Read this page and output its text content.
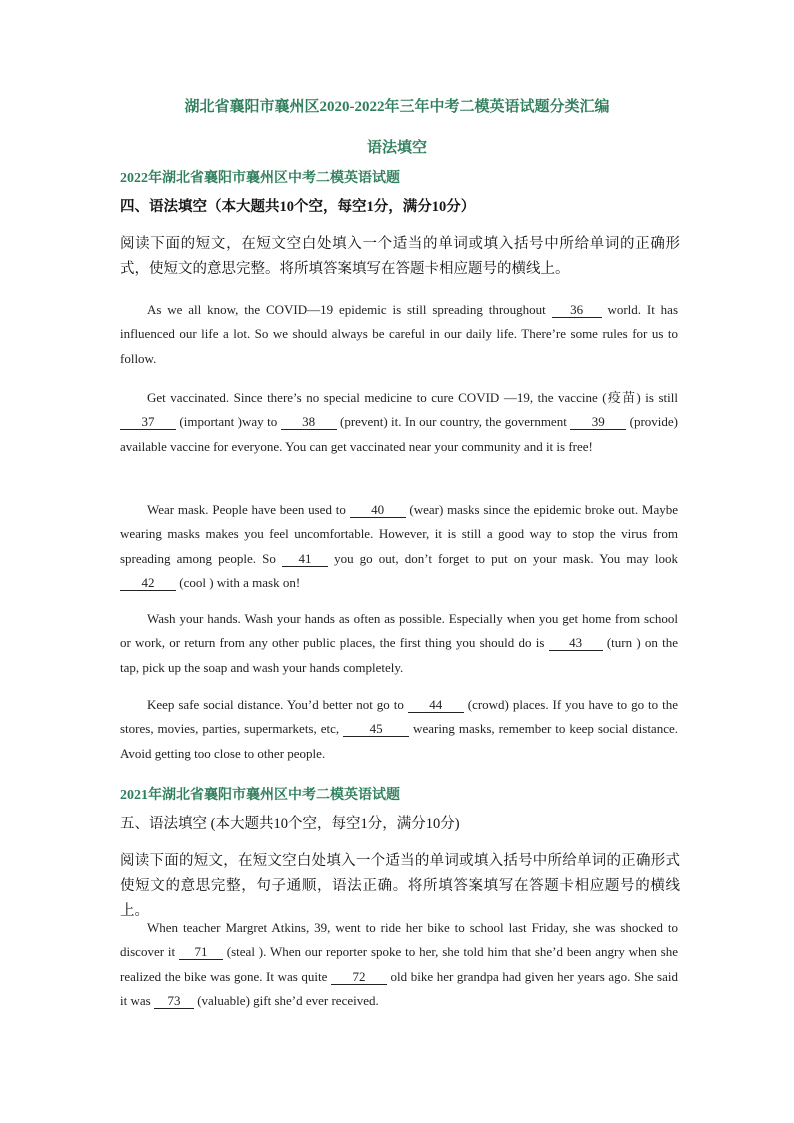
湖北省襄阳市襄州区2020-2022年三年中考二模英语试题分类汇编
语法填空
2022年湖北省襄阳市襄州区中考二模英语试题
四、语法填空（本大题共10个空，每空1分，满分10分）
阅读下面的短文，在短文空白处填入一个适当的单词或填入括号中所给单词的正确形式，使短文的意思完整。将所填答案填写在答题卡相应题号的横线上。
As we all know, the COVID—19 epidemic is still spreading throughout 36 world. It has influenced our life a lot. So we should always be careful in our daily life. There’re some rules for us to follow.
Get vaccinated. Since there’s no special medicine to cure COVID —19, the vaccine (疫苗) is still 37 (important )way to 38 (prevent) it. In our country, the government 39 (provide) available vaccine for everyone. You can get vaccinated near your community and it is free!
Wear mask. People have been used to 40 (wear) masks since the epidemic broke out. Maybe wearing masks makes you feel uncomfortable. However, it is still a good way to stop the virus from spreading among people. So 41 you go out, don’t forget to put on your mask. You may look 42 (cool ) with a mask on!
Wash your hands. Wash your hands as often as possible. Especially when you get home from school or work, or return from any other public places, the first thing you should do is 43 (turn ) on the tap, pick up the soap and wash your hands completely.
Keep safe social distance. You’d better not go to 44 (crowd) places. If you have to go to the stores, movies, parties, supermarkets, etc, 45 wearing masks, remember to keep social distance. Avoid getting too close to other people.
2021年湖北省襄阳市襄州区中考二模英语试题
五、语法填空 (本大题共10个空，每空1分，满分10分)
阅读下面的短文，在短文空白处填入一个适当的单词或填入括号中所给单词的正确形式使短文的意思完整，句子通顺，语法正确。将所填答案填写在答题卡相应题号的横线上。
When teacher Margret Atkins, 39, went to ride her bike to school last Friday, she was shocked to discover it 71 (steal ). When our reporter spoke to her, she told him that she’d been angry when she realized the bike was gone. It was quite 72 old bike her grandpa had given her years ago. She said it was 73 (valuable) gift she’d ever received.
